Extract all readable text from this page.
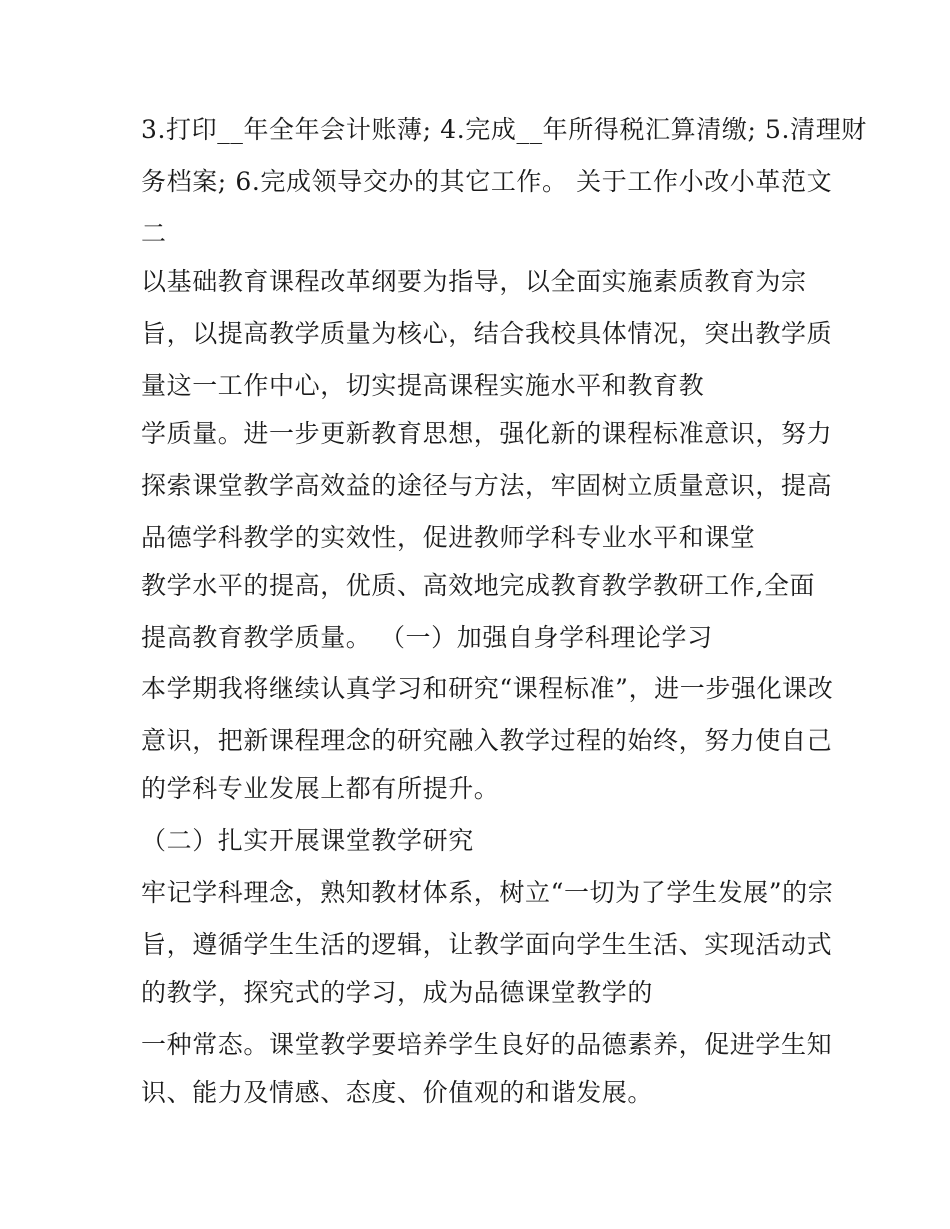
3.打印__年全年会计账薄; 4.完成__年所得税汇算清缴; 5.清理财
务档案; 6.完成领导交办的其它工作。 关于工作小改小革范文
二
以基础教育课程改革纲要为指导，以全面实施素质教育为宗
旨，以提高教学质量为核心，结合我校具体情况，突出教学质
量这一工作中心，切实提高课程实施水平和教育教
学质量。进一步更新教育思想，强化新的课程标准意识，努力
探索课堂教学高效益的途径与方法，牢固树立质量意识，提高
品德学科教学的实效性，促进教师学科专业水平和课堂
教学水平的提高，优质、高效地完成教育教学教研工作,全面
提高教育教学质量。 （一）加强自身学科理论学习
本学期我将继续认真学习和研究“课程标准”，进一步强化课改
意识，把新课程理念的研究融入教学过程的始终，努力使自己
的学科专业发展上都有所提升。
（二）扎实开展课堂教学研究
牢记学科理念，熟知教材体系，树立“一切为了学生发展”的宗
旨，遵循学生生活的逻辑，让教学面向学生生活、实现活动式
的教学，探究式的学习，成为品德课堂教学的
一种常态。课堂教学要培养学生良好的品德素养，促进学生知
识、能力及情感、态度、价值观的和谐发展。
